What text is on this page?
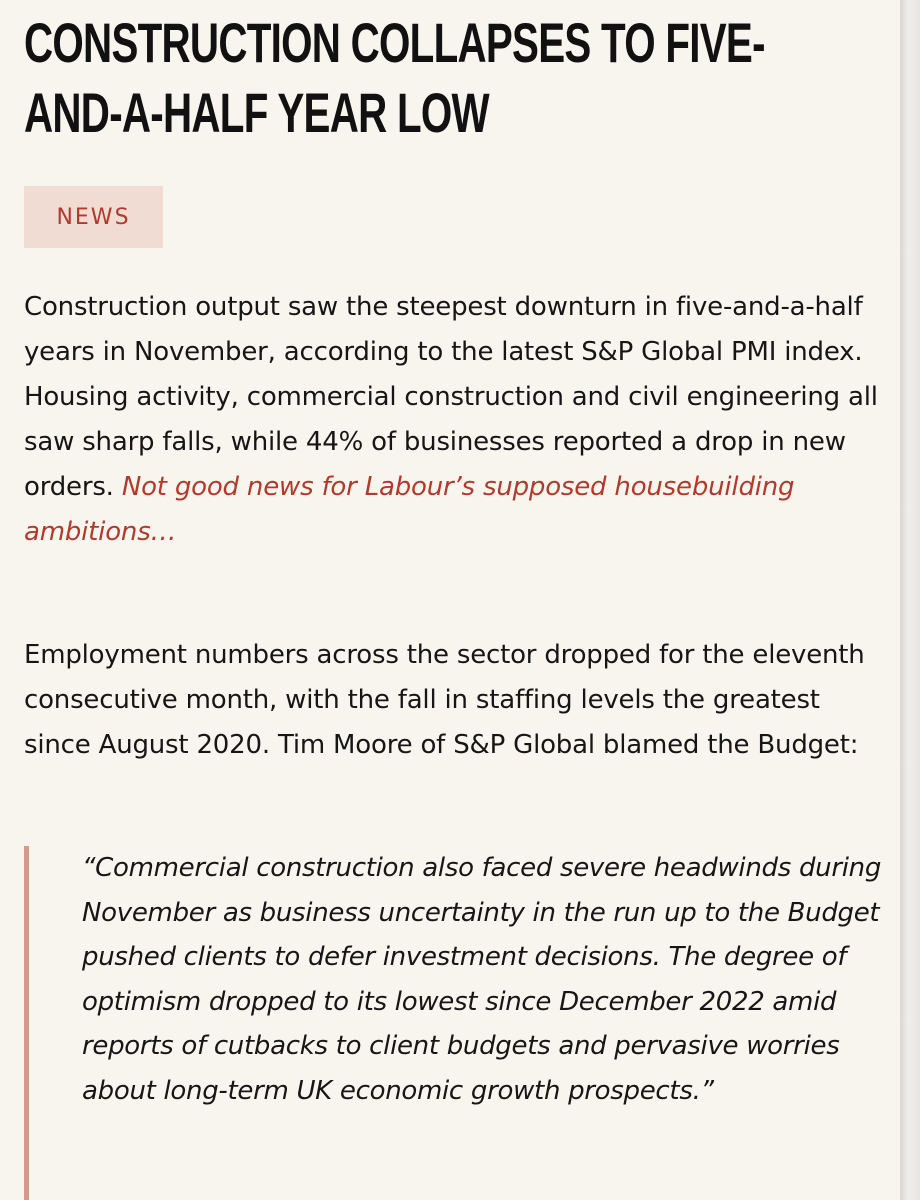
CONSTRUCTION COLLAPSES TO FIVE-AND-A-HALF YEAR LOW
NEWS
Construction output saw the steepest downturn in five-and-a-half years in November, according to the latest S&P Global PMI index. Housing activity, commercial construction and civil engineering all saw sharp falls, while 44% of businesses reported a drop in new orders. Not good news for Labour’s supposed housebuilding ambitions…
Employment numbers across the sector dropped for the eleventh consecutive month, with the fall in staffing levels the greatest since August 2020. Tim Moore of S&P Global blamed the Budget:

“Commercial construction also faced severe headwinds during November as business uncertainty in the run up to the Budget pushed clients to defer investment decisions. The degree of optimism dropped to its lowest since December 2022 amid reports of cutbacks to client budgets and pervasive worries about long-term UK economic growth prospects.”
